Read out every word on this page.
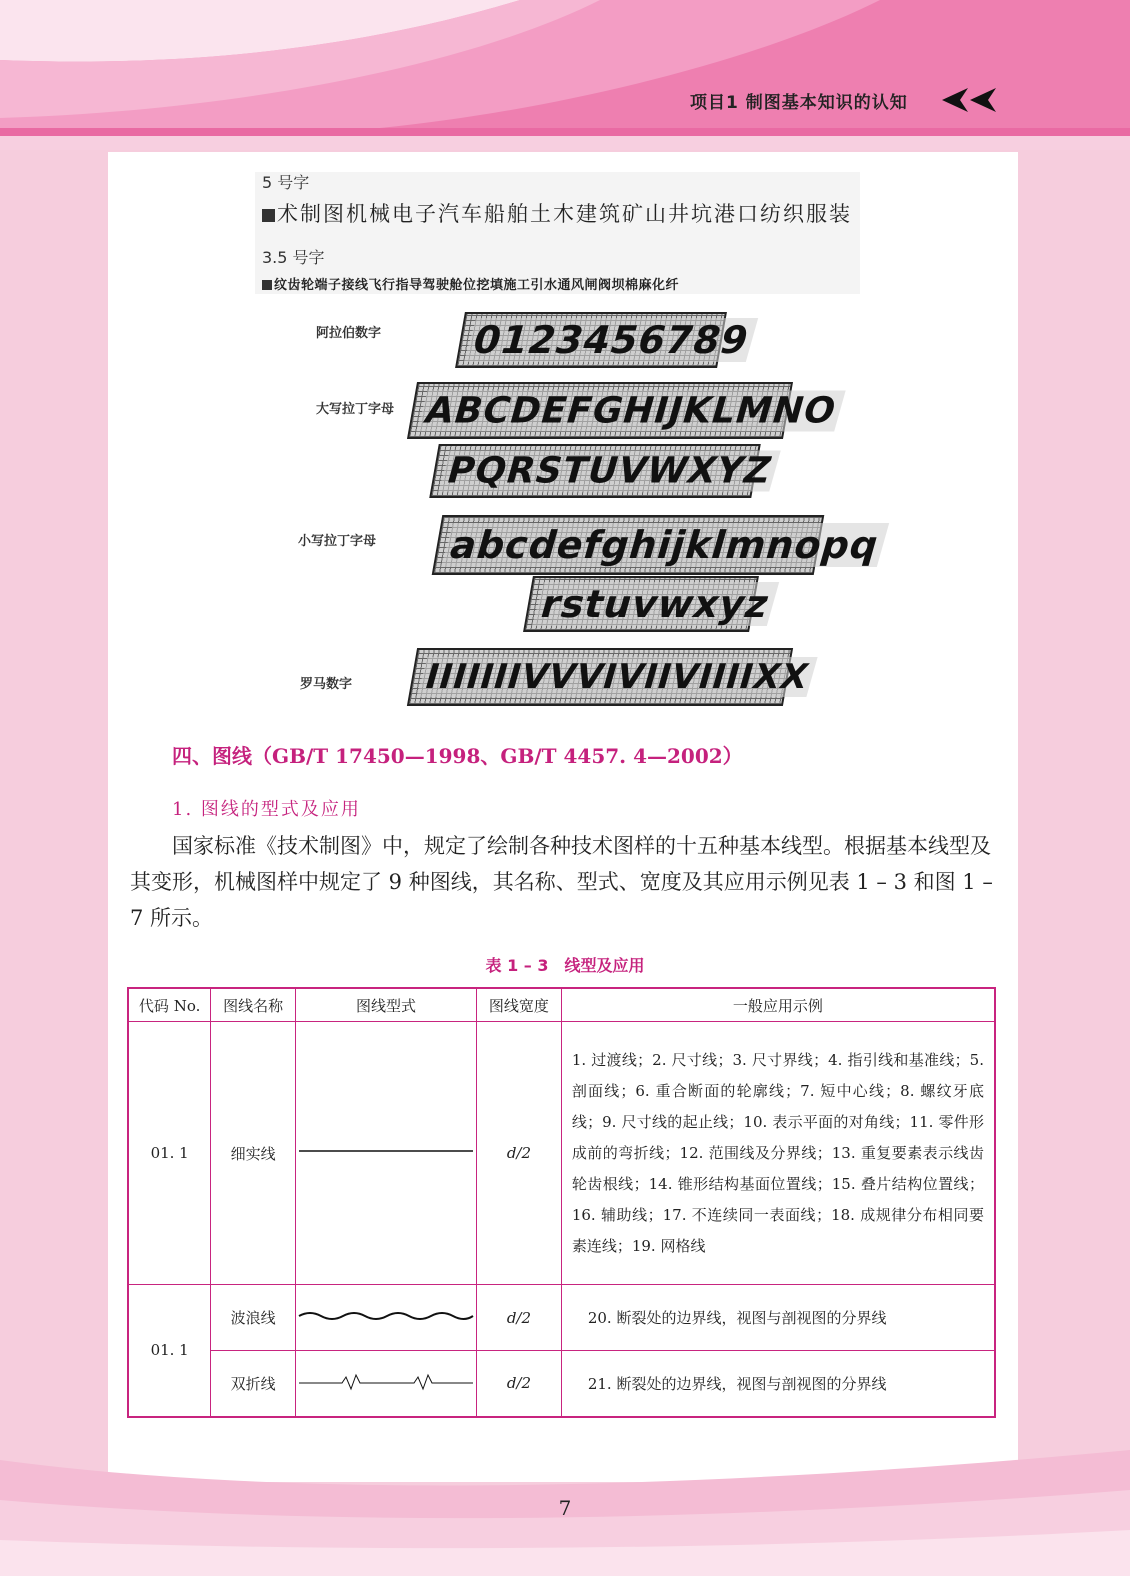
项目1 制图基本知识的认知
7
5 号字
术制图机械电子汽车船舶土木建筑矿山井坑港口纺织服装
3.5 号字
纹齿轮端子接线飞行指导驾驶舱位挖填施工引水通风闸阀坝棉麻化纤
阿拉伯数字 0123456789
大写拉丁字母 ABCDEFGHIJKLMNO
PQRSTUVWXYZ
小写拉丁字母 abcdefghijklmnopq
rstuvwxyz
罗马数字 IIIIIIIVVVIVIIVIIIIXX
四、图线（GB/T 17450—1998、GB/T 4457. 4—2002）
1. 图线的型式及应用
国家标准《技术制图》中，规定了绘制各种技术图样的十五种基本线型。根据基本线型及其变形，机械图样中规定了 9 种图线，其名称、型式、宽度及其应用示例见表 1 – 3 和图 1 – 7 所示。
表 1 – 3　线型及应用
代码 No.	图线名称	图线型式	图线宽度	一般应用示例
01. 1	细实线		d/2	1. 过渡线；2. 尺寸线；3. 尺寸界线；4. 指引线和基准线；5. 剖面线；6. 重合断面的轮廓线；7. 短中心线；8. 螺纹牙底线；9. 尺寸线的起止线；10. 表示平面的对角线；11. 零件形成前的弯折线；12. 范围线及分界线；13. 重复要素表示线齿轮齿根线；14. 锥形结构基面位置线；15. 叠片结构位置线；16. 辅助线；17. 不连续同一表面线；18. 成规律分布相同要素连线；19. 网格线
01. 1	波浪线		d/2	20. 断裂处的边界线，视图与剖视图的分界线
	双折线		d/2	21. 断裂处的边界线，视图与剖视图的分界线
